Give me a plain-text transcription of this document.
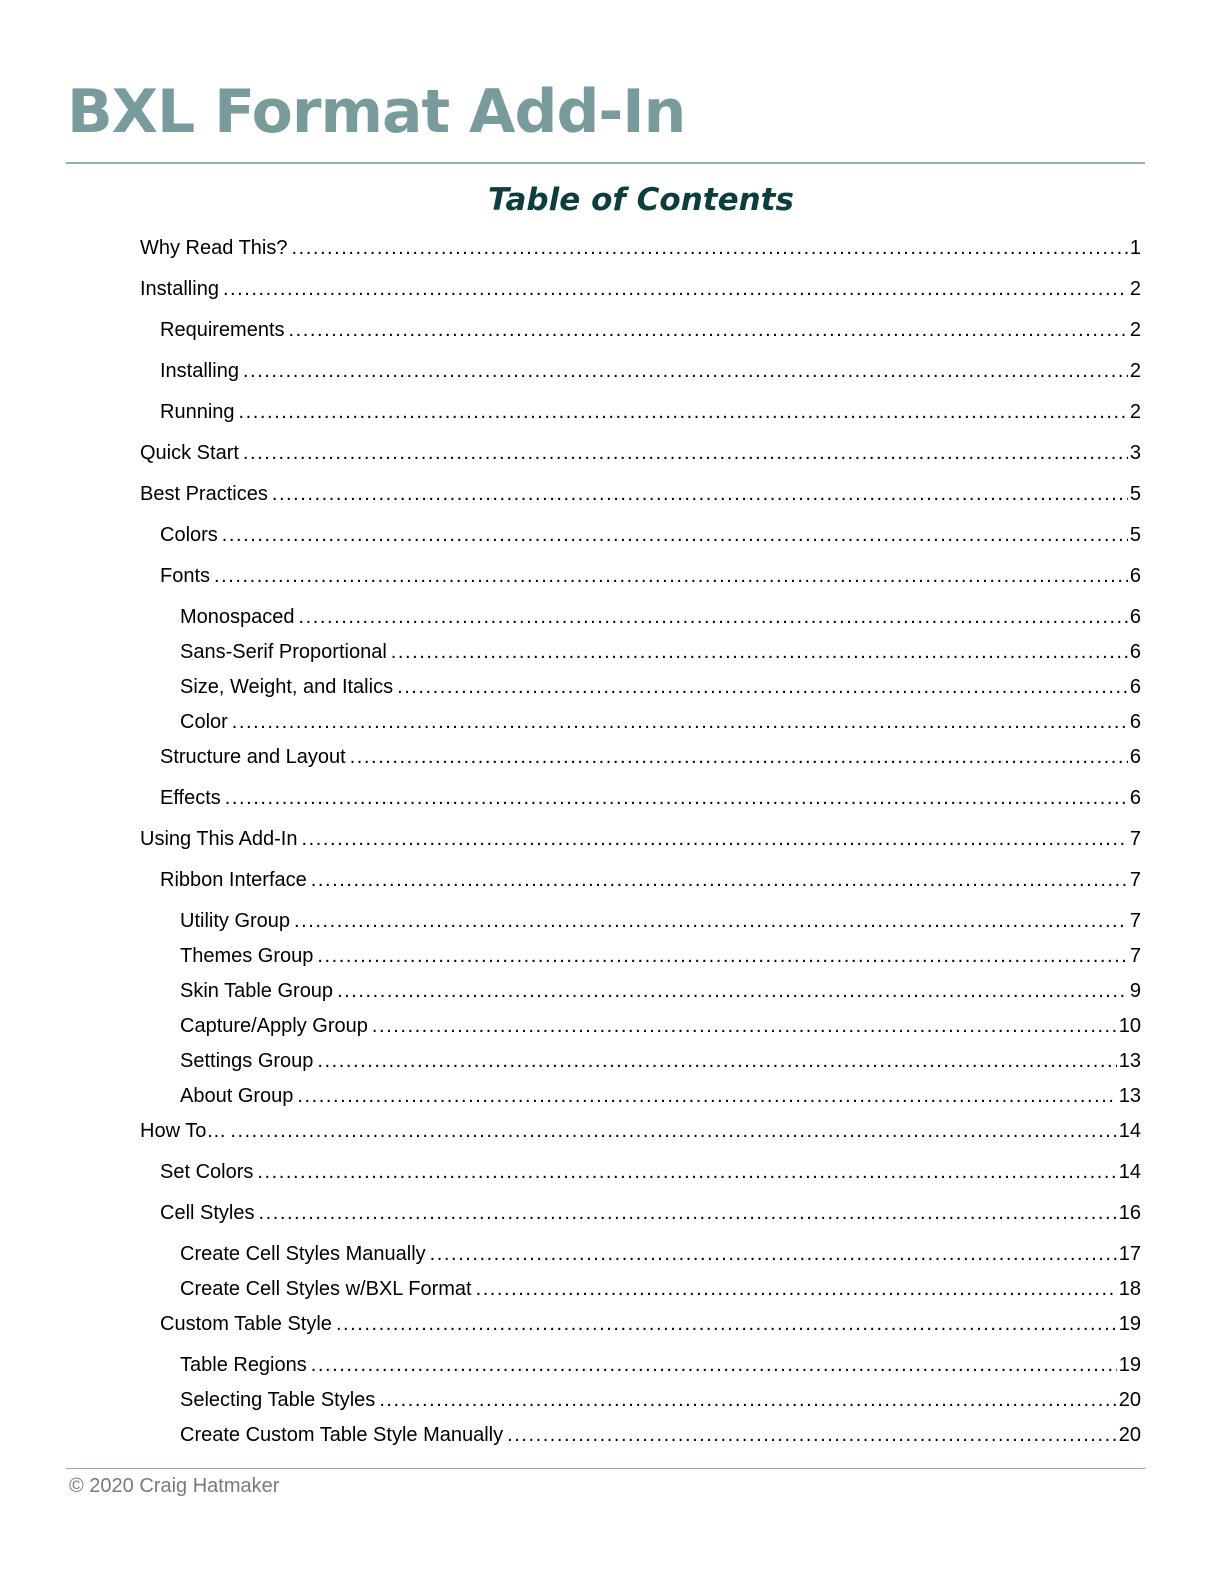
BXL Format Add-In
Table of Contents
Why Read This? . . .	1
Installing . . .	2
Requirements . . .	2
Installing . . .	2
Running . . .	2
Quick Start . . .	3
Best Practices . . .	5
Colors . . .	5
Fonts . . .	6
Monospaced . . .	6
Sans-Serif Proportional . . .	6
Size, Weight, and Italics . . .	6
Color . . .	6
Structure and Layout . . .	6
Effects . . .	6
Using This Add-In . . .	7
Ribbon Interface . . .	7
Utility Group . . .	7
Themes Group . . .	7
Skin Table Group . . .	9
Capture/Apply Group . . .	10
Settings Group . . .	13
About Group . . .	13
How To… . . .	14
Set Colors . . .	14
Cell Styles . . .	16
Create Cell Styles Manually . . .	17
Create Cell Styles w/BXL Format . . .	18
Custom Table Style . . .	19
Table Regions . . .	19
Selecting Table Styles . . .	20
Create Custom Table Style Manually . . .	20
© 2020 Craig Hatmaker
